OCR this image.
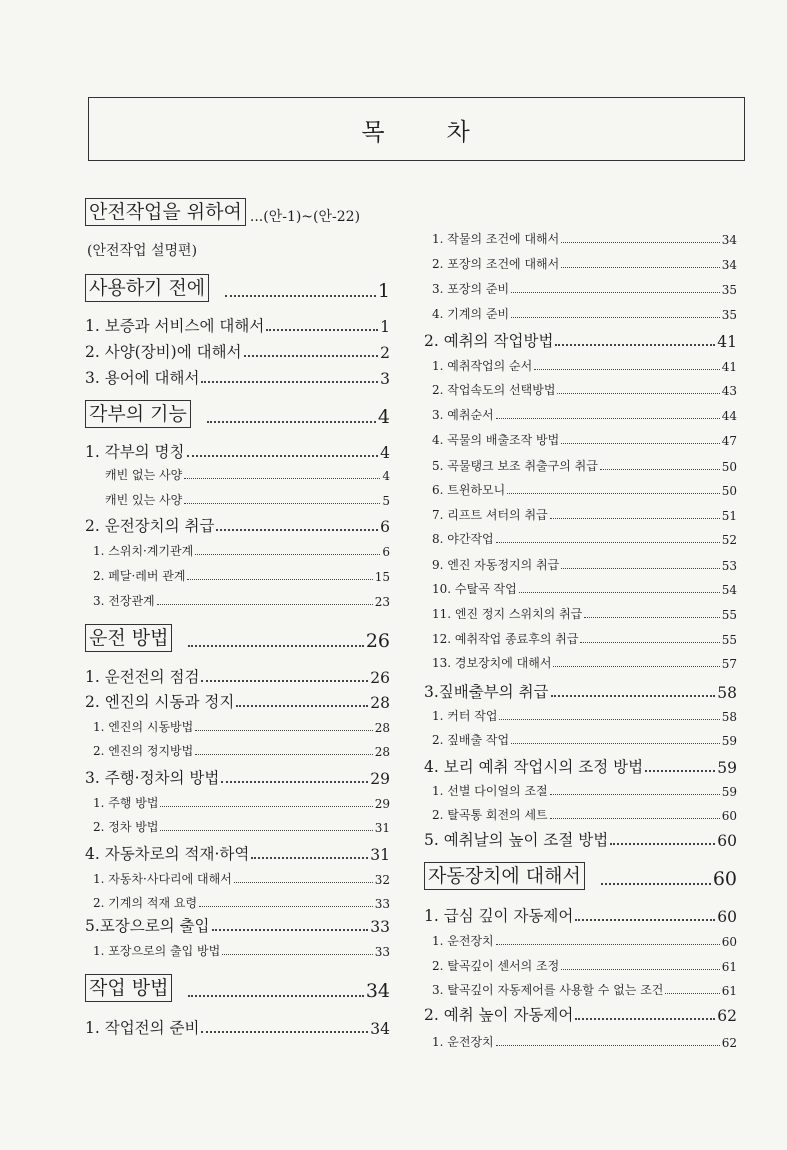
목	차
안전작업을 위하여 ...(안-1)~(안-22)
(안전작업 설명편)
사용하기 전에	1
1. 보증과 서비스에 대해서	1
2. 사양(장비)에 대해서	2
3. 용어에 대해서	3
각부의 기능	4
1. 각부의 명칭	4
캐빈 없는 사양	4
캐빈 있는 사양	5
2. 운전장치의 취급	6
1. 스위치·계기관계	6
2. 페달·레버 관계	15
3. 전장관계	23
운전 방법	26
1. 운전전의 점검	26
2. 엔진의 시동과 정지	28
1. 엔진의 시동방법	28
2. 엔진의 정지방법	28
3. 주행·정차의 방법	29
1. 주행 방법	29
2. 정차 방법	31
4. 자동차로의 적재·하역	31
1. 자동차·사다리에 대해서	32
2. 기계의 적재 요령	33
5.포장으로의 출입	33
1. 포장으로의 출입 방법	33
작업 방법	34
1. 작업전의 준비	34
1. 작물의 조건에 대해서	34
2. 포장의 조건에 대해서	34
3. 포장의 준비	35
4. 기계의 준비	35
2. 예취의 작업방법	41
1. 예취작업의 순서	41
2. 작업속도의 선택방법	43
3. 예취순서	44
4. 곡물의 배출조작 방법	47
5. 곡물탱크 보조 취출구의 취급	50
6. 트윈하모니	50
7. 리프트 셔터의 취급	51
8. 야간작업	52
9. 엔진 자동정지의 취급	53
10. 수탈곡 작업	54
11. 엔진 정지 스위치의 취급	55
12. 예취작업 종료후의 취급	55
13. 경보장치에 대해서	57
3.짚배출부의 취급	58
1. 커터 작업	58
2. 짚배출 작업	59
4. 보리 예취 작업시의 조정 방법	59
1. 선별 다이얼의 조절	59
2. 탈곡통 회전의 세트	60
5. 예취날의 높이 조절 방법	60
자동장치에 대해서	60
1. 급심 깊이 자동제어	60
1. 운전장치	60
2. 탈곡깊이 센서의 조정	61
3. 탈곡깊이 자동제어를 사용할 수 없는 조건	61
2. 예취 높이 자동제어	62
1. 운전장치	62
